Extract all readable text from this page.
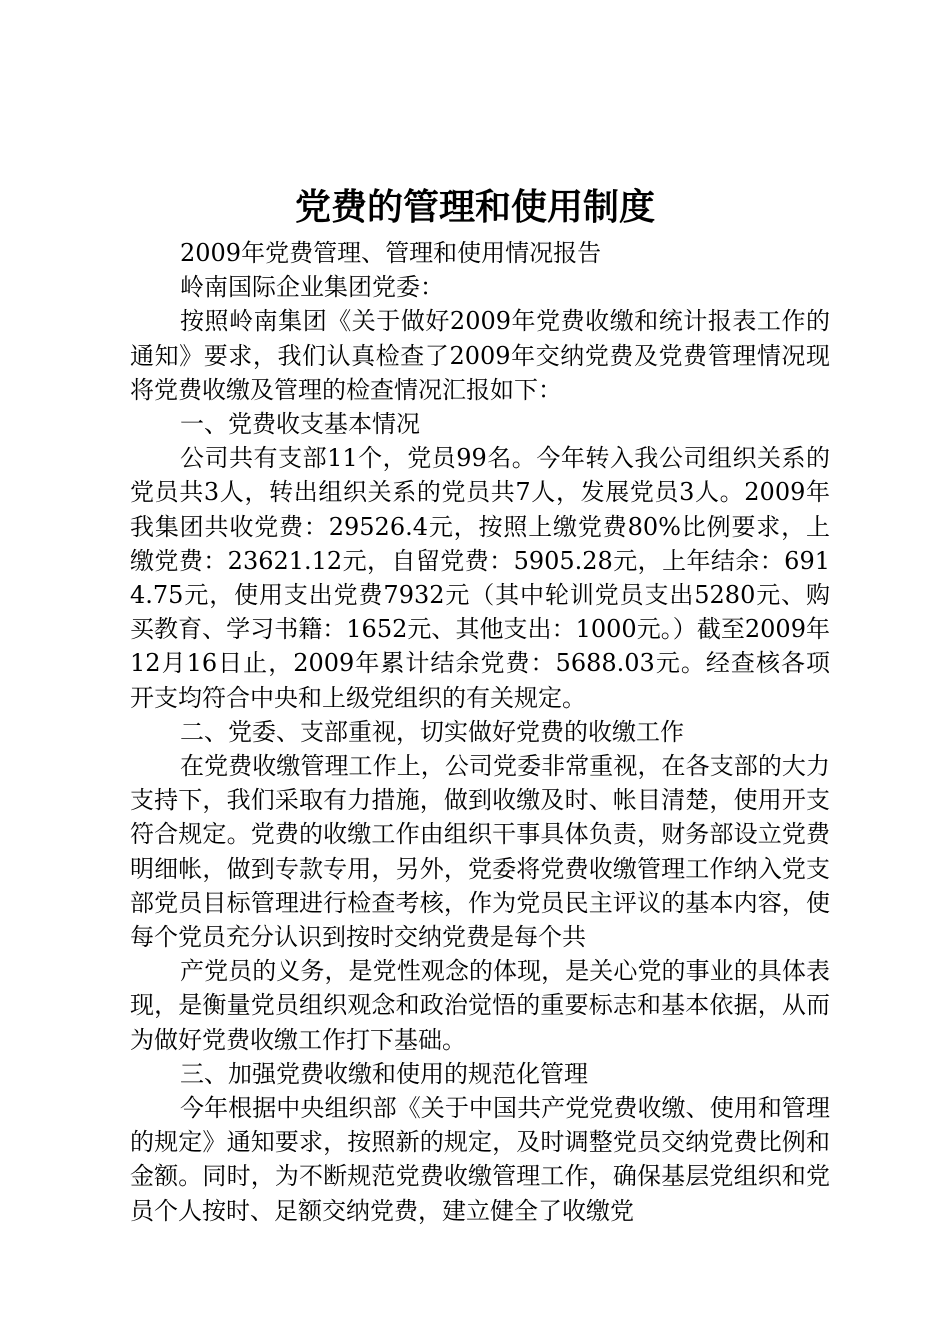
党费的管理和使用制度

2009年党费管理、管理和使用情况报告

岭南国际企业集团党委：

按照岭南集团《关于做好2009年党费收缴和统计报表工作的通知》要求，我们认真检查了2009年交纳党费及党费管理情况现将党费收缴及管理的检查情况汇报如下：

一、党费收支基本情况

公司共有支部11个，党员99名。今年转入我公司组织关系的党员共3人，转出组织关系的党员共7人，发展党员3人。2009年我集团共收党费：29526.4元，按照上缴党费80%比例要求，上缴党费：23621.12元，自留党费：5905.28元，上年结余：6914.75元，使用支出党费7932元（其中轮训党员支出5280元、购买教育、学习书籍：1652元、其他支出：1000元。）截至2009年12月16日止，2009年累计结余党费：5688.03元。经查核各项开支均符合中央和上级党组织的有关规定。

二、党委、支部重视，切实做好党费的收缴工作

在党费收缴管理工作上，公司党委非常重视，在各支部的大力支持下，我们采取有力措施，做到收缴及时、帐目清楚，使用开支符合规定。党费的收缴工作由组织干事具体负责，财务部设立党费明细帐，做到专款专用，另外，党委将党费收缴管理工作纳入党支部党员目标管理进行检查考核，作为党员民主评议的基本内容，使每个党员充分认识到按时交纳党费是每个共

产党员的义务，是党性观念的体现，是关心党的事业的具体表现，是衡量党员组织观念和政治觉悟的重要标志和基本依据，从而为做好党费收缴工作打下基础。

三、加强党费收缴和使用的规范化管理

今年根据中央组织部《关于中国共产党党费收缴、使用和管理的规定》通知要求，按照新的规定，及时调整党员交纳党费比例和金额。同时，为不断规范党费收缴管理工作，确保基层党组织和党员个人按时、足额交纳党费，建立健全了收缴党
